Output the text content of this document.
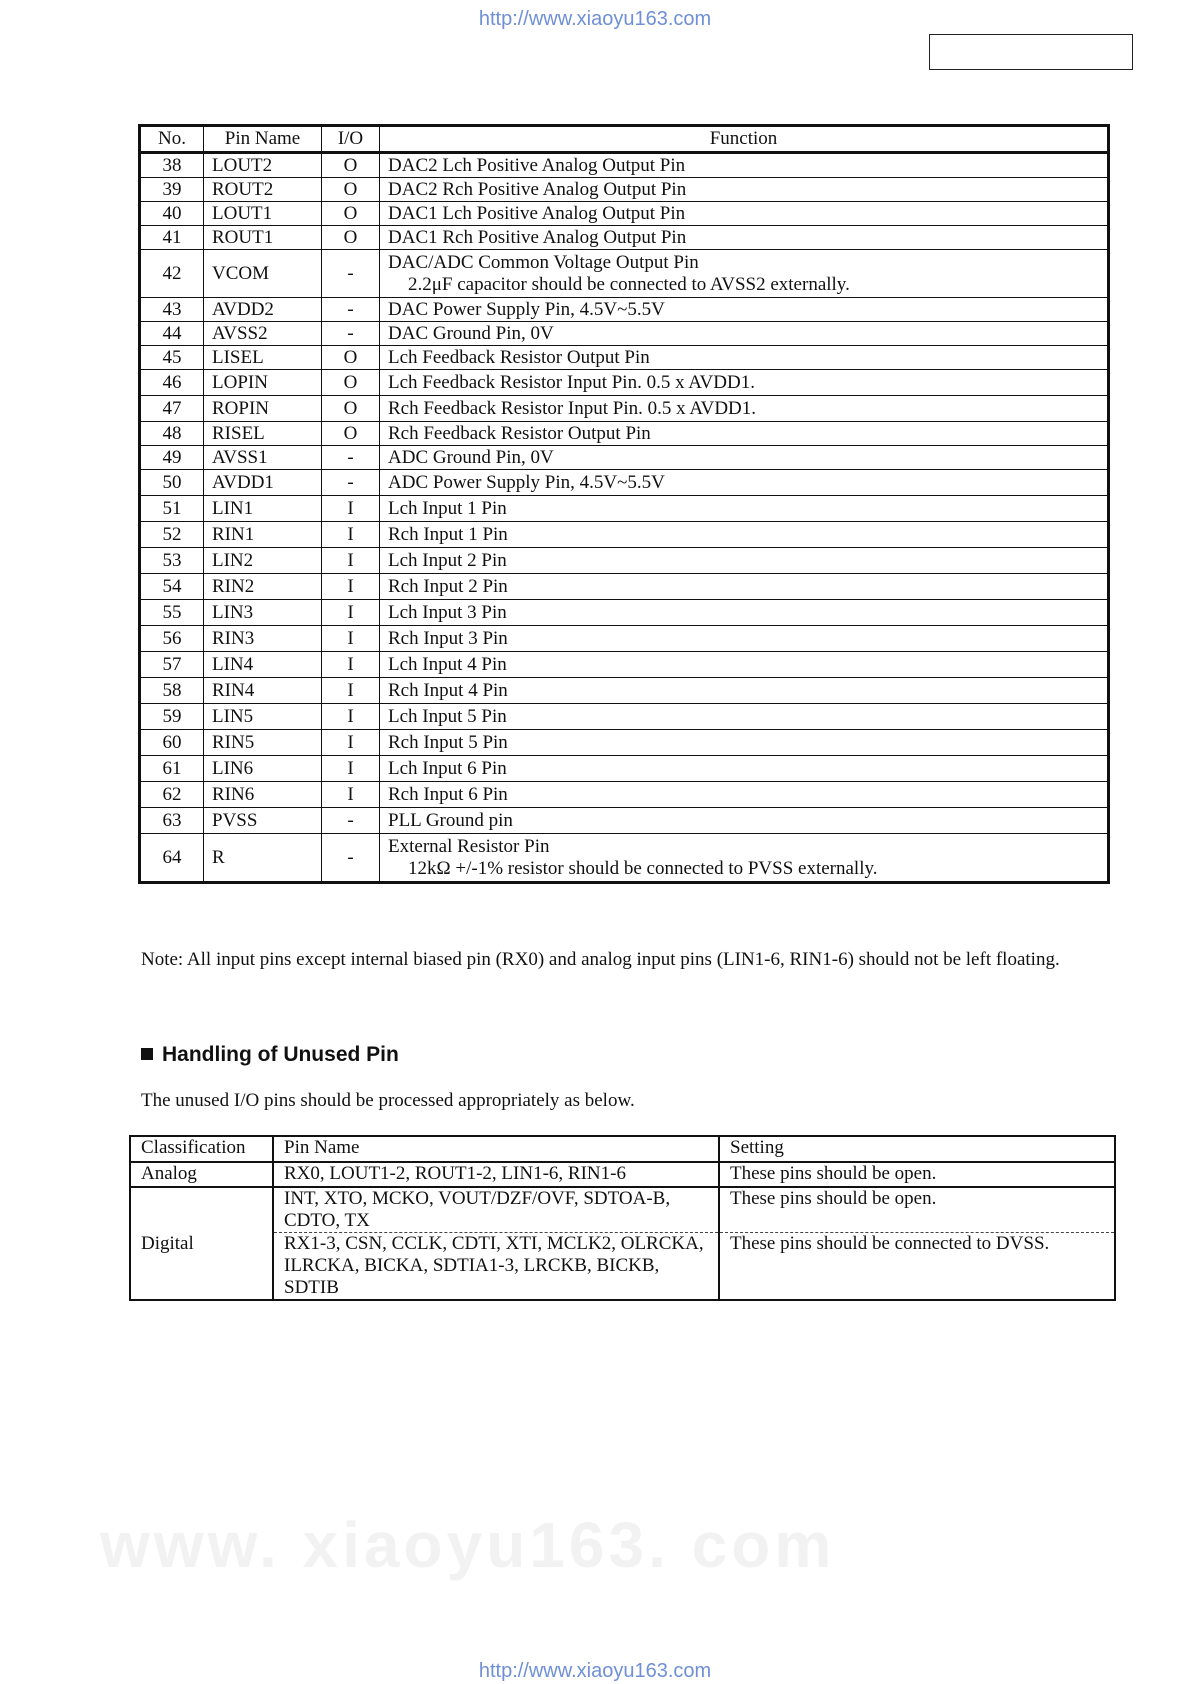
http://www.xiaoyu163.com
www. xiaoyu163. com
No.	Pin Name	I/O	Function
38	LOUT2	O	DAC2 Lch Positive Analog Output Pin
39	ROUT2	O	DAC2 Rch Positive Analog Output Pin
40	LOUT1	O	DAC1 Lch Positive Analog Output Pin
41	ROUT1	O	DAC1 Rch Positive Analog Output Pin
42	VCOM	-	DAC/ADC Common Voltage Output Pin
2.2μF capacitor should be connected to AVSS2 externally.

43	AVDD2	-	DAC Power Supply Pin, 4.5V~5.5V
44	AVSS2	-	DAC Ground Pin, 0V
45	LISEL	O	Lch Feedback Resistor Output Pin
46	LOPIN	O	Lch Feedback Resistor Input Pin. 0.5 x AVDD1.
47	ROPIN	O	Rch Feedback Resistor Input Pin. 0.5 x AVDD1.
48	RISEL	O	Rch Feedback Resistor Output Pin
49	AVSS1	-	ADC Ground Pin, 0V
50	AVDD1	-	ADC Power Supply Pin, 4.5V~5.5V
51	LIN1	I	Lch Input 1 Pin
52	RIN1	I	Rch Input 1 Pin
53	LIN2	I	Lch Input 2 Pin
54	RIN2	I	Rch Input 2 Pin
55	LIN3	I	Lch Input 3 Pin
56	RIN3	I	Rch Input 3 Pin
57	LIN4	I	Lch Input 4 Pin
58	RIN4	I	Rch Input 4 Pin
59	LIN5	I	Lch Input 5 Pin
60	RIN5	I	Rch Input 5 Pin
61	LIN6	I	Lch Input 6 Pin
62	RIN6	I	Rch Input 6 Pin
63	PVSS	-	PLL Ground pin
64	R	-	External Resistor Pin
12kΩ +/-1% resistor should be connected to PVSS externally.
Note: All input pins except internal biased pin (RX0) and analog input pins (LIN1-6, RIN1-6) should not be left floating.
Handling of Unused Pin
The unused I/O pins should be processed appropriately as below.
Classification	Pin Name	Setting
Analog	RX0, LOUT1-2, ROUT1-2, LIN1-6, RIN1-6	These pins should be open.
Digital	INT, XTO, MCKO, VOUT/DZF/OVF, SDTOA-B, CDTO, TX	These pins should be open.
	RX1-3, CSN, CCLK, CDTI, XTI, MCLK2, OLRCKA, ILRCKA, BICKA, SDTIA1-3, LRCKB, BICKB, SDTIB	These pins should be connected to DVSS.
http://www.xiaoyu163.com
